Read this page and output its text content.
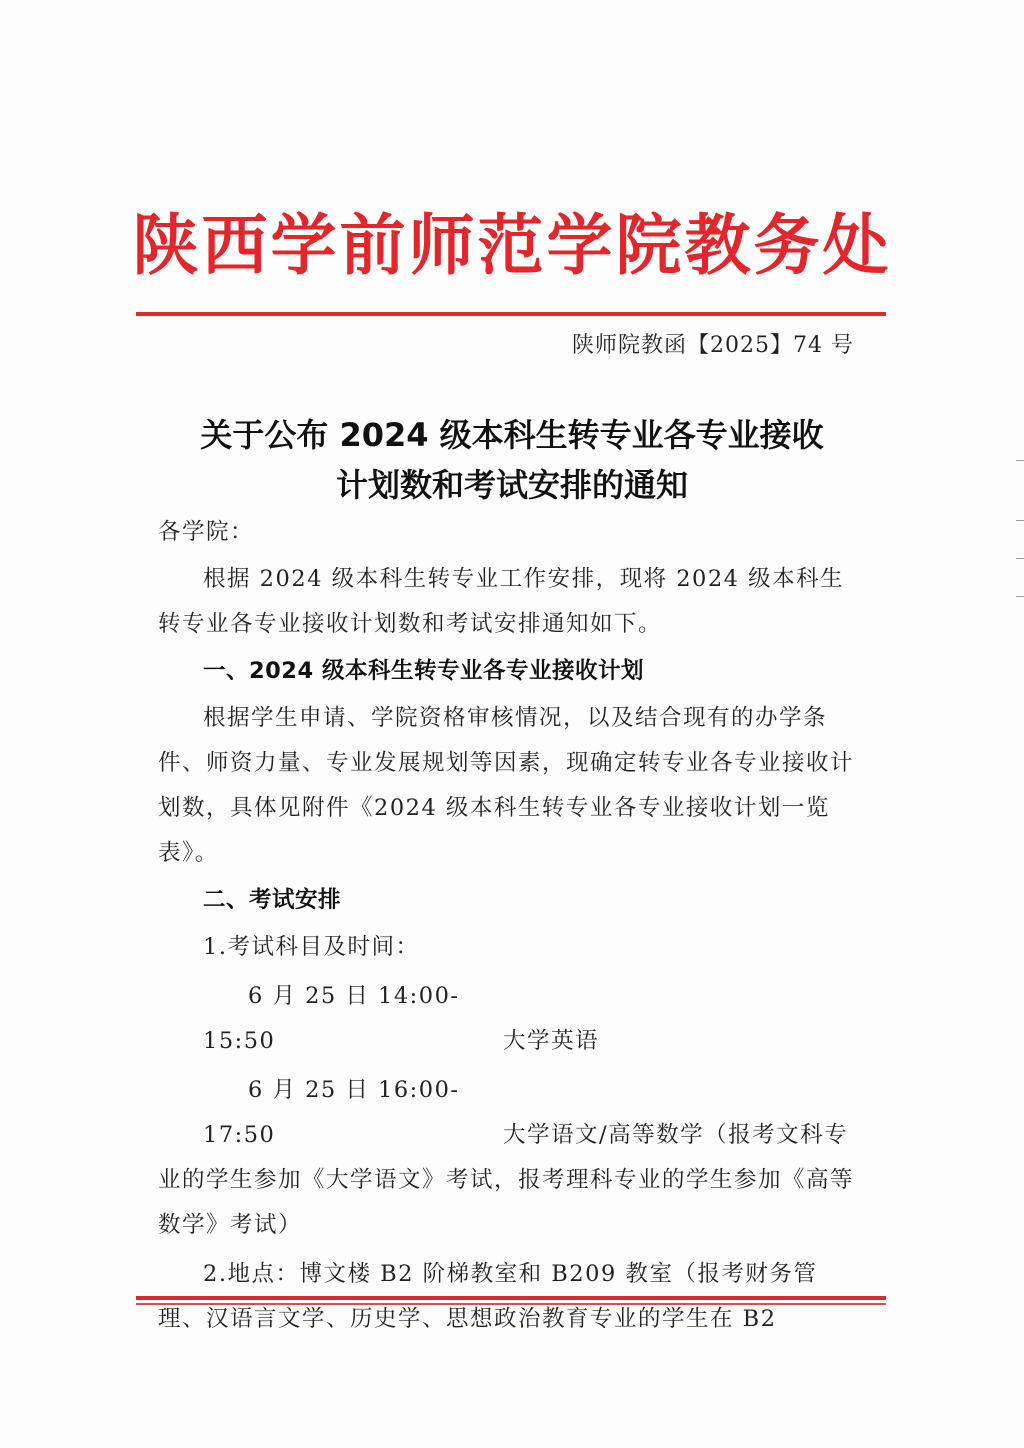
陕西学前师范学院教务处
陕师院教函【2025】74 号
关于公布 2024 级本科生转专业各专业接收
计划数和考试安排的通知

各学院：

根据 2024 级本科生转专业工作安排，现将 2024 级本科生转专业各专业接收计划数和考试安排通知如下。

一、2024 级本科生转专业各专业接收计划

根据学生申请、学院资格审核情况，以及结合现有的办学条件、师资力量、专业发展规划等因素，现确定转专业各专业接收计划数，具体见附件《2024 级本科生转专业各专业接收计划一览表》。

二、考试安排

1.考试科目及时间：

6 月 25 日 14:00-15:50	大学英语

6 月 25 日 16:00-17:50	大学语文/高等数学（报考文科专业的学生参加《大学语文》考试，报考理科专业的学生参加《高等数学》考试）

2.地点：博文楼 B2 阶梯教室和 B209 教室（报考财务管理、汉语言文学、历史学、思想政治教育专业的学生在 B2
